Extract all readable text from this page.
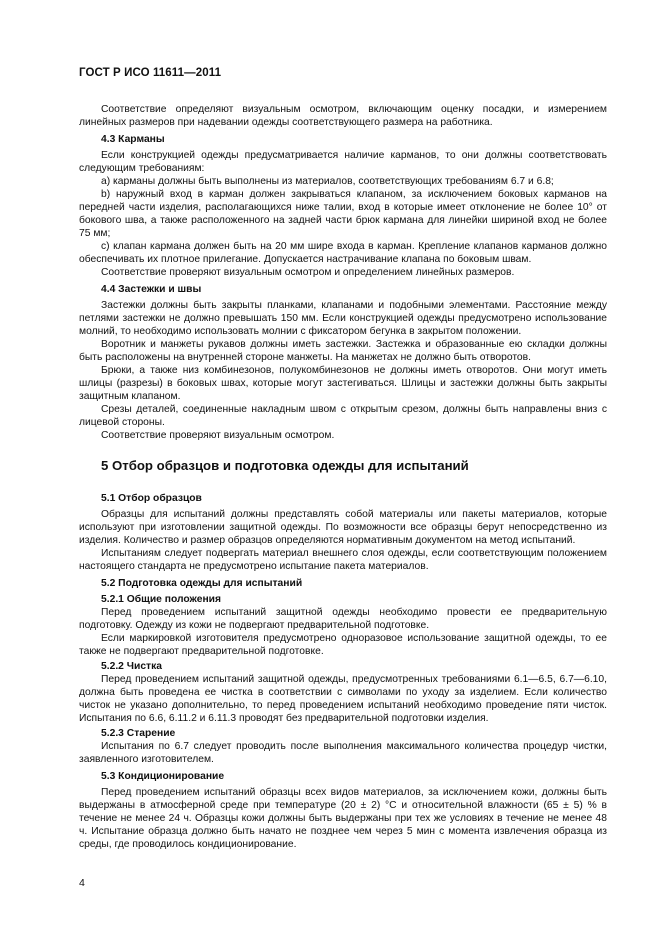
ГОСТ Р ИСО 11611—2011

Соответствие определяют визуальным осмотром, включающим оценку посадки, и измерением линейных размеров при надевании одежды соответствующего размера на работника.

4.3 Карманы

Если конструкцией одежды предусматривается наличие карманов, то они должны соответствовать следующим требованиям:

a) карманы должны быть выполнены из материалов, соответствующих требованиям 6.7 и 6.8;

b) наружный вход в карман должен закрываться клапаном, за исключением боковых карманов на передней части изделия, располагающихся ниже талии, вход в которые имеет отклонение не более 10° от бокового шва, а также расположенного на задней части брюк кармана для линейки шириной вход не более 75 мм;

c) клапан кармана должен быть на 20 мм шире входа в карман. Крепление клапанов карманов должно обеспечивать их плотное прилегание. Допускается настрачивание клапана по боковым швам.

Соответствие проверяют визуальным осмотром и определением линейных размеров.

4.4 Застежки и швы

Застежки должны быть закрыты планками, клапанами и подобными элементами. Расстояние между петлями застежки не должно превышать 150 мм. Если конструкцией одежды предусмотрено использование молний, то необходимо использовать молнии с фиксатором бегунка в закрытом положении.

Воротник и манжеты рукавов должны иметь застежки. Застежка и образованные ею складки должны быть расположены на внутренней стороне манжеты. На манжетах не должно быть отворотов.

Брюки, а также низ комбинезонов, полукомбинезонов не должны иметь отворотов. Они могут иметь шлицы (разрезы) в боковых швах, которые могут застегиваться. Шлицы и застежки должны быть закрыты защитным клапаном.

Срезы деталей, соединенные накладным швом с открытым срезом, должны быть направлены вниз с лицевой стороны.

Соответствие проверяют визуальным осмотром.

5 Отбор образцов и подготовка одежды для испытаний
5.1 Отбор образцов

Образцы для испытаний должны представлять собой материалы или пакеты материалов, которые используют при изготовлении защитной одежды. По возможности все образцы берут непосредственно из изделия. Количество и размер образцов определяются нормативным документом на метод испытаний.

Испытаниям следует подвергать материал внешнего слоя одежды, если соответствующим положением настоящего стандарта не предусмотрено испытание пакета материалов.

5.2 Подготовка одежды для испытаний
5.2.1 Общие положения

Перед проведением испытаний защитной одежды необходимо провести ее предварительную подготовку. Одежду из кожи не подвергают предварительной подготовке.

Если маркировкой изготовителя предусмотрено одноразовое использование защитной одежды, то ее также не подвергают предварительной подготовке.

5.2.2 Чистка

Перед проведением испытаний защитной одежды, предусмотренных требованиями 6.1—6.5, 6.7—6.10, должна быть проведена ее чистка в соответствии с символами по уходу за изделием. Если количество чисток не указано дополнительно, то перед проведением испытаний необходимо проведение пяти чисток. Испытания по 6.6, 6.11.2 и 6.11.3 проводят без предварительной подготовки изделия.

5.2.3 Старение

Испытания по 6.7 следует проводить после выполнения максимального количества процедур чистки, заявленного изготовителем.

5.3 Кондиционирование

Перед проведением испытаний образцы всех видов материалов, за исключением кожи, должны быть выдержаны в атмосферной среде при температуре (20 ± 2) °C и относительной влажности (65 ± 5) % в течение не менее 24 ч. Образцы кожи должны быть выдержаны при тех же условиях в течение не менее 48 ч. Испытание образца должно быть начато не позднее чем через 5 мин с момента извлечения образца из среды, где проводилось кондиционирование.

4
